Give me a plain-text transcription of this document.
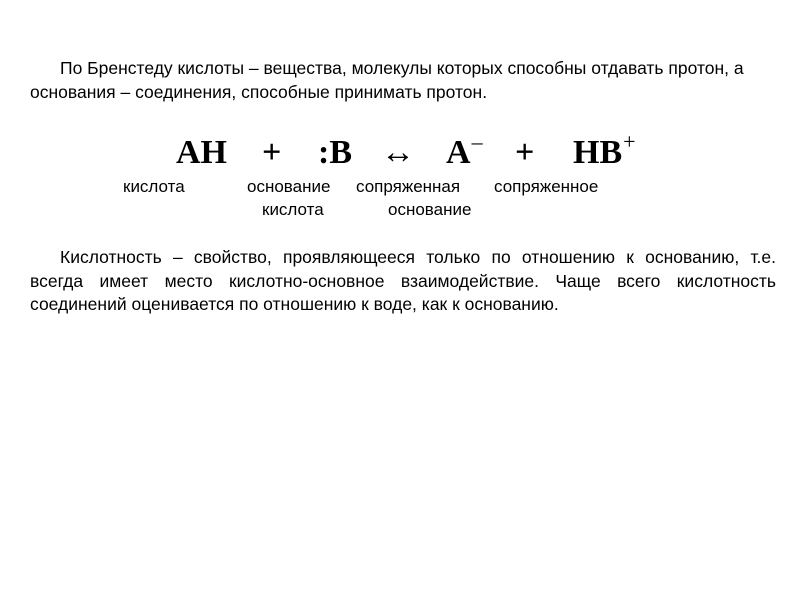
По Бренстеду кислоты – вещества, молекулы которых способны отдавать протон, а основания – соединения, способные принимать протон.

AH + :B ↔ A– + HB+
кислота	основание
кислота
сопряженная
основание
сопряженное

Кислотность – свойство, проявляющееся только по отношению к основанию, т.е. всегда имеет место кислотно-основное взаимодействие. Чаще всего кислотность соединений оценивается по отношению к воде, как к основанию.
